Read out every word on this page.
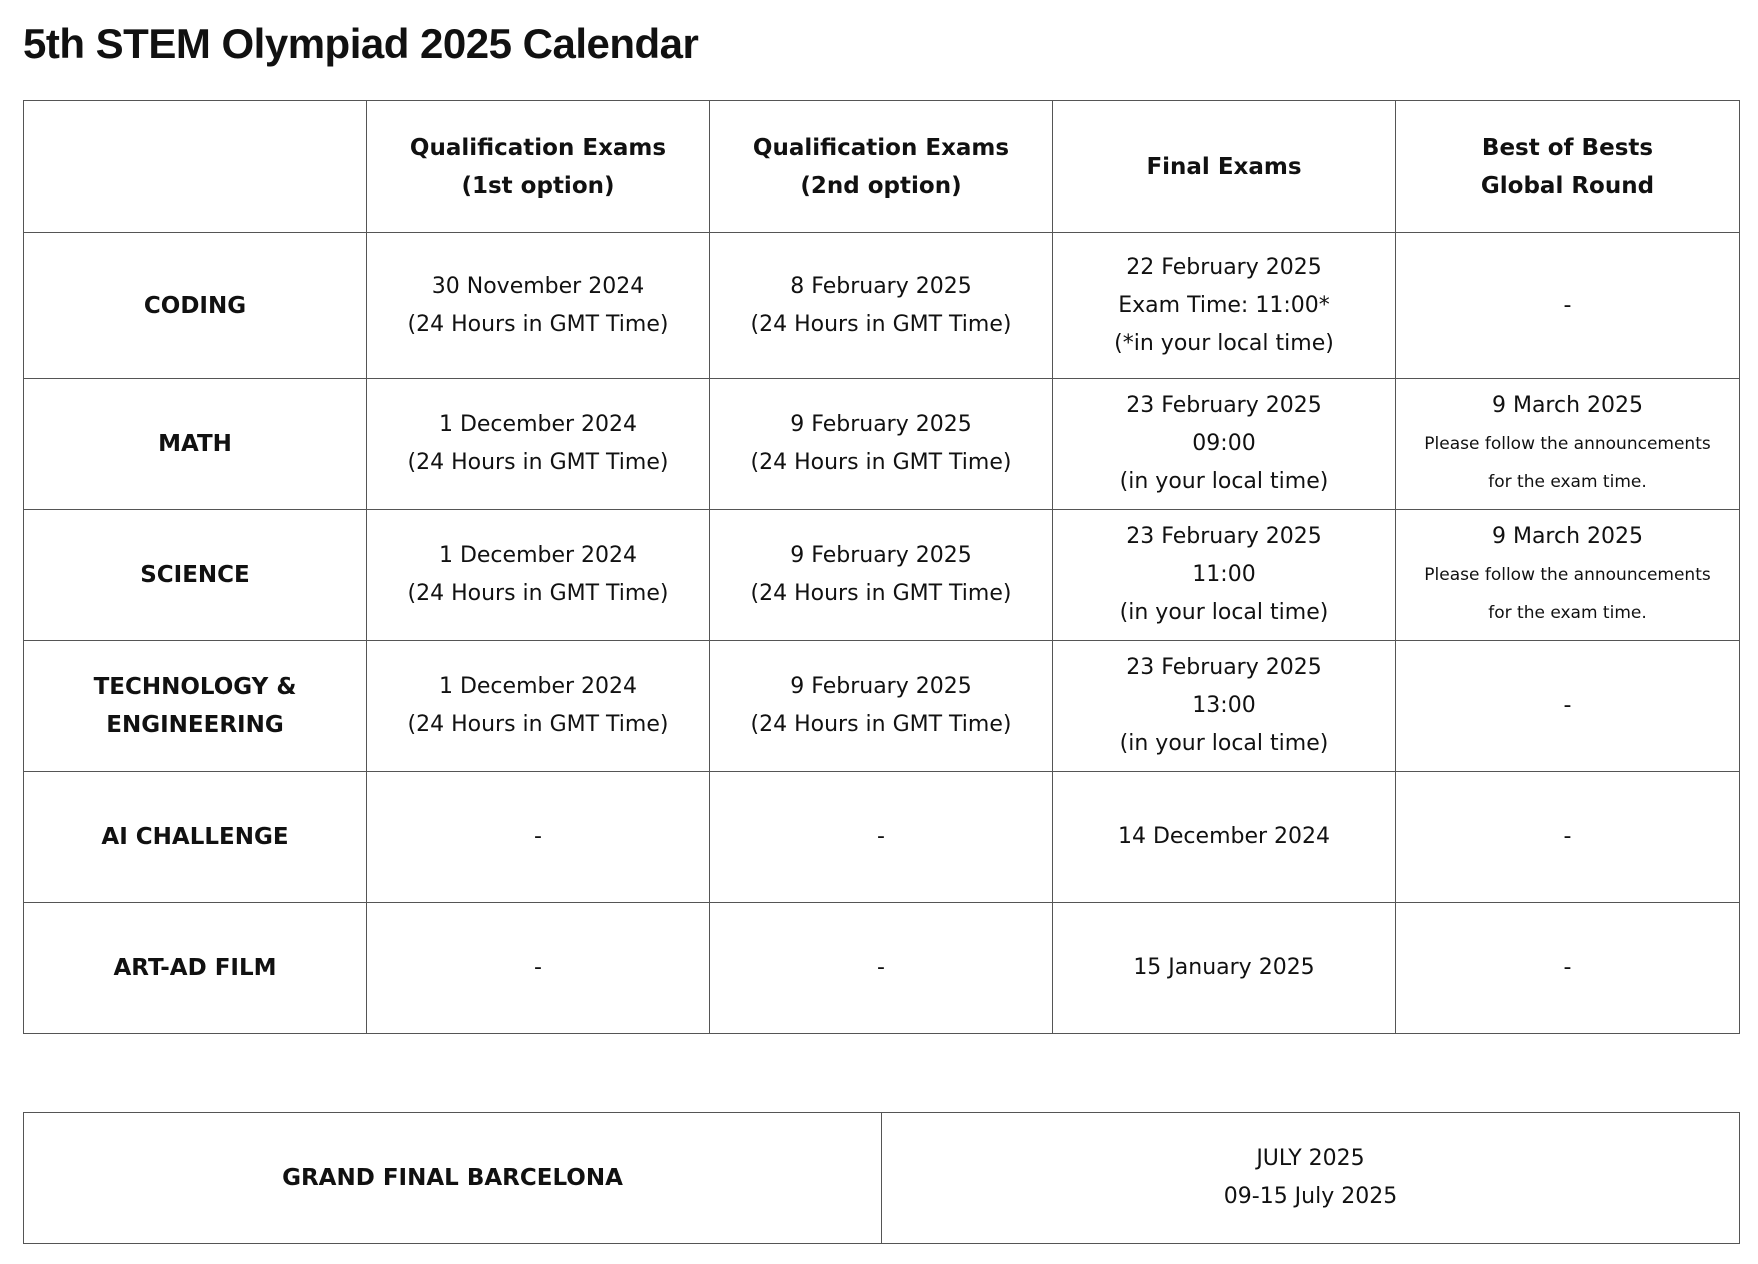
5th STEM Olympiad 2025 Calendar

	Qualification Exams
(1st option)	Qualification Exams
(2nd option)	Final Exams	Best of Bests
Global Round

CODING	30 November 2024
(24 Hours in GMT Time)	8 February 2025
(24 Hours in GMT Time)	22 February 2025
Exam Time: 11:00*
(*in your local time)	-

MATH	1 December 2024
(24 Hours in GMT Time)	9 February 2025
(24 Hours in GMT Time)	23 February 2025
09:00
(in your local time)	9 March 2025
Please follow the announcements
for the exam time.

SCIENCE	1 December 2024
(24 Hours in GMT Time)	9 February 2025
(24 Hours in GMT Time)	23 February 2025
11:00
(in your local time)	9 March 2025
Please follow the announcements
for the exam time.

TECHNOLOGY &
ENGINEERING	1 December 2024
(24 Hours in GMT Time)	9 February 2025
(24 Hours in GMT Time)	23 February 2025
13:00
(in your local time)	-

AI CHALLENGE	-	-	14 December 2024	-

ART-AD FILM	-	-	15 January 2025	-
GRAND FINAL BARCELONA	
JULY 2025
09-15 July 2025
